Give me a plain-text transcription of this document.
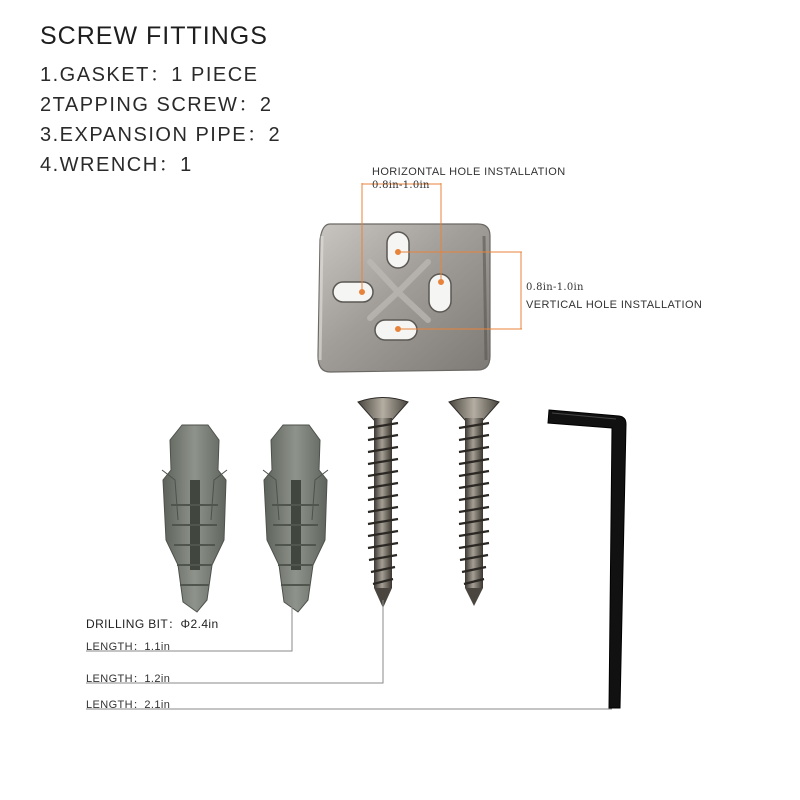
SCREW FITTINGS
1.GASKET：1 PIECE
2TAPPING SCREW：2
3.EXPANSION PIPE：2
4.WRENCH：1	HORIZONTAL HOLE INSTALLATION
0.8in-1.0in
0.8in-1.0in
VERTICAL HOLE INSTALLATION
DRILLING BIT：Φ2.4in
LENGTH：1.1in
LENGTH：1.2in
LENGTH：2.1in
